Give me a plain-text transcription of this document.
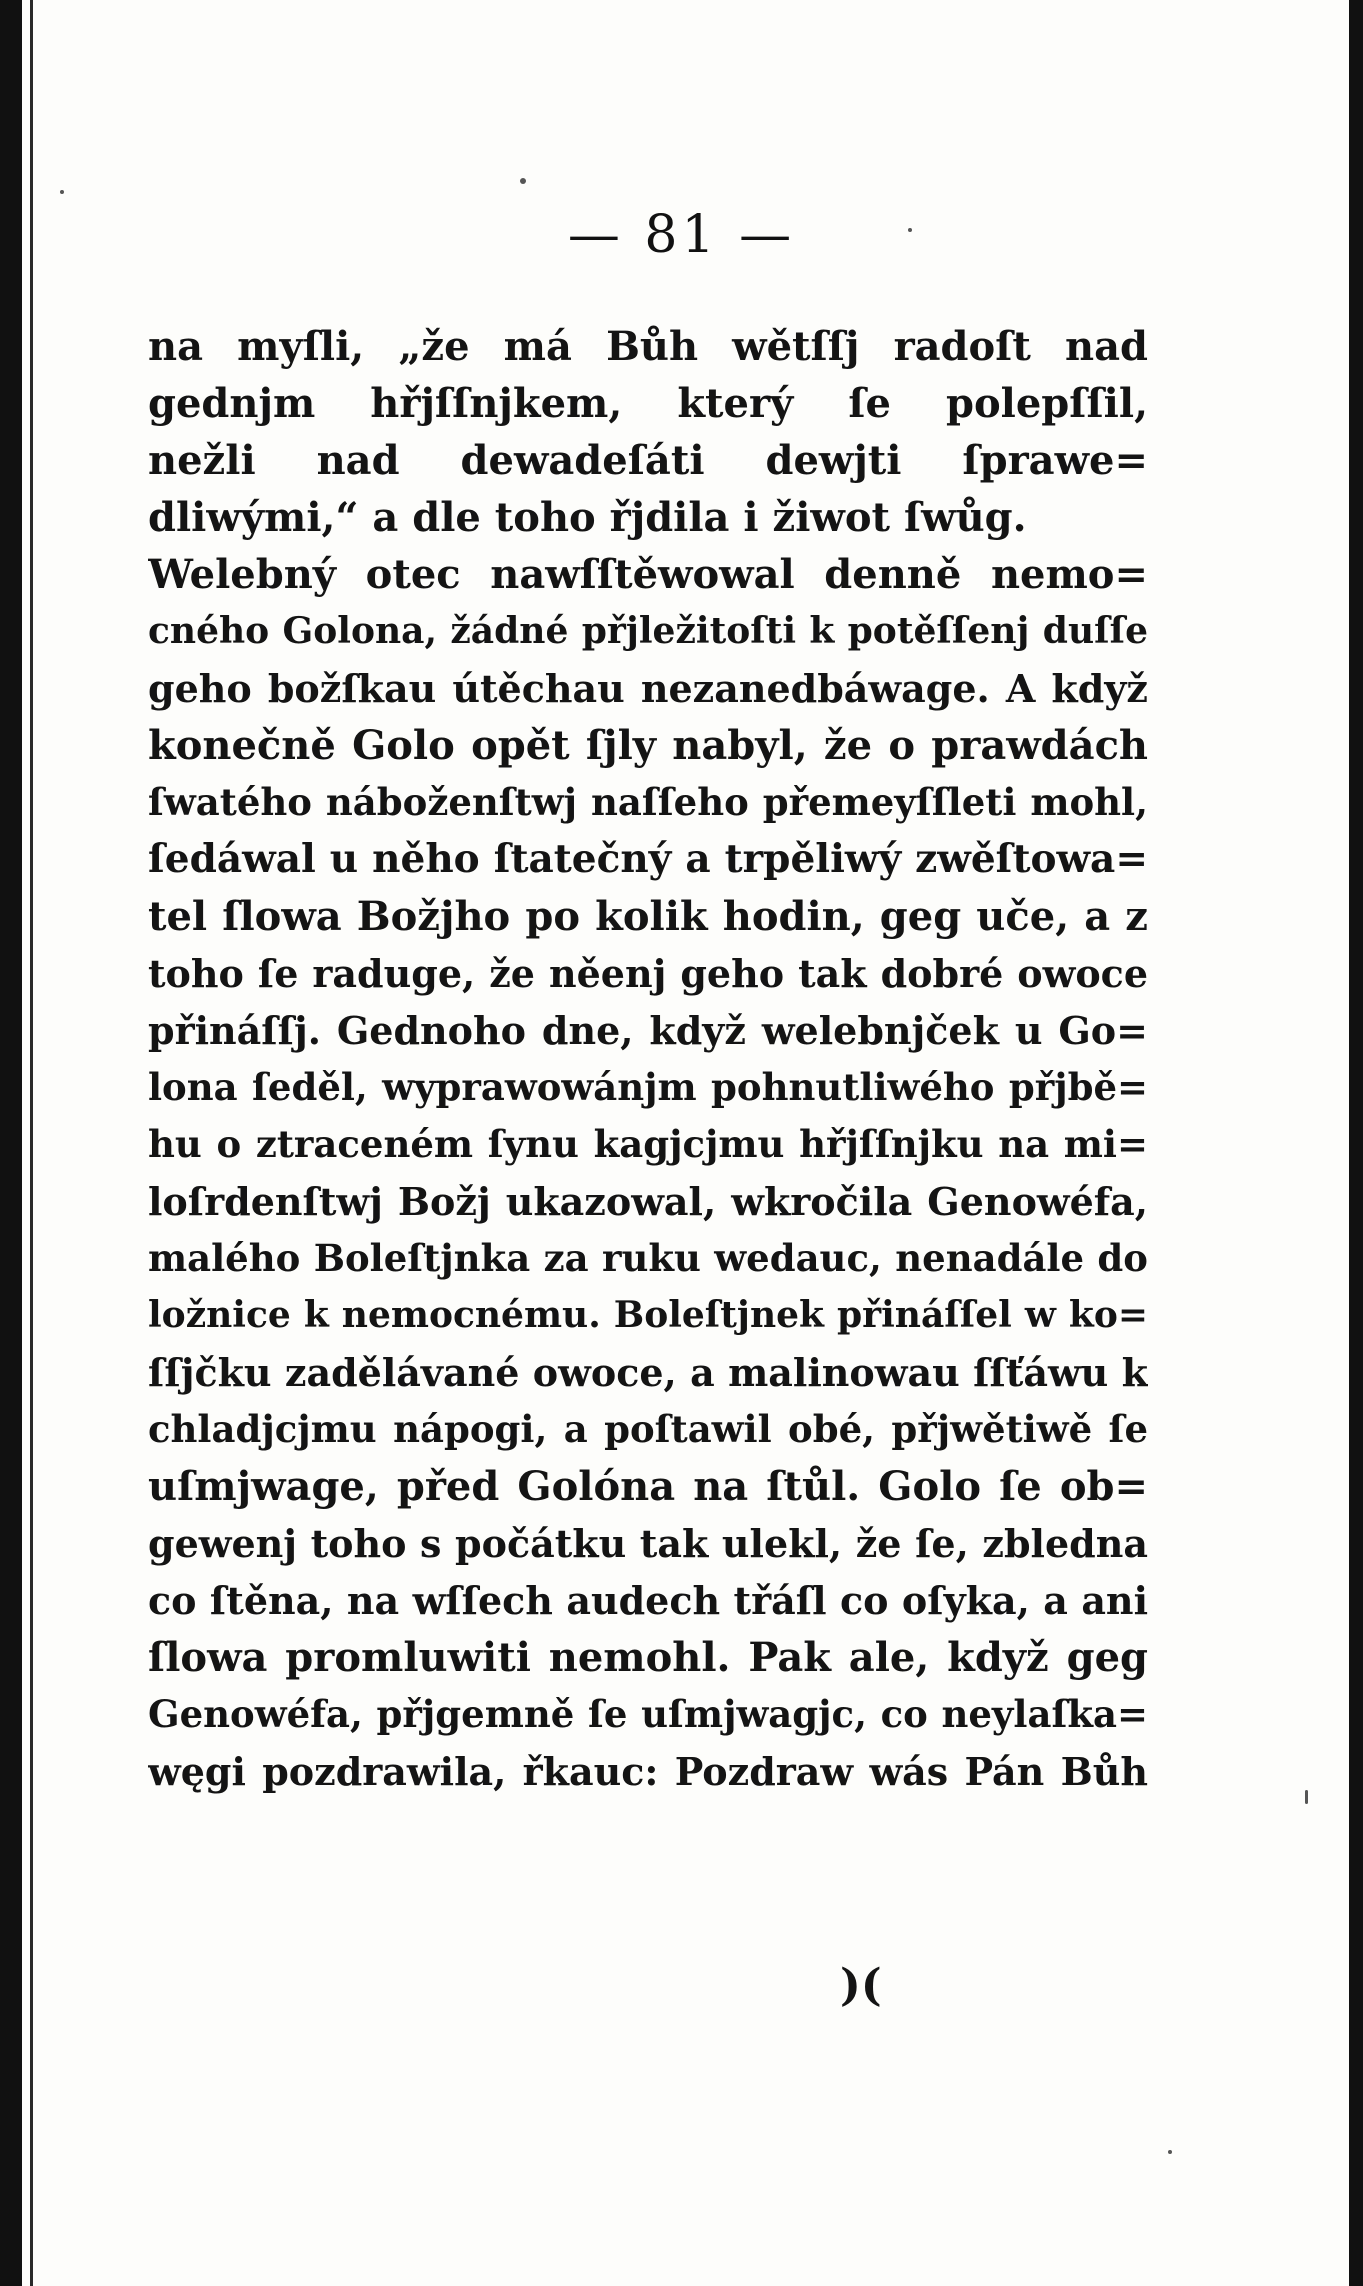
— 81 —
na myſli, „že má Bůh wětſſj radoſt nad
gednjm hřjſſnjkem, který ſe polepſſil,
nežli nad dewadeſáti dewjti ſprawe=
dliwými,“ a dle toho řjdila i žiwot ſwůg.
Welebný otec nawſſtěwowal denně nemo=
cného Golona, žádné přjležitoſti k potěſſenj duſſe
geho božſkau útěchau nezanedbáwage. A když
konečně Golo opět ſjly nabyl, že o prawdách
ſwatého náboženſtwj naſſeho přemeyſſleti mohl,
ſedáwal u něho ſtatečný a trpěliwý zwěſtowa=
tel ſlowa Božjho po kolik hodin, geg uče, a z
toho ſe raduge, že něenj geho tak dobré owoce
přináſſj. Gednoho dne, když welebnjček u Go=
lona ſeděl, wyprawowánjm pohnutliwého přjbě=
hu o ztraceném ſynu kagjcjmu hřjſſnjku na mi=
loſrdenſtwj Božj ukazowal, wkročila Genowéfa,
malého Boleſtjnka za ruku wedauc, nenadále do
ložnice k nemocnému. Boleſtjnek přináſſel w ko=
ſſjčku zadělávané owoce, a malinowau ſſťáwu k
chladjcjmu nápogi, a poſtawil obé, přjwětiwě ſe
uſmjwage, před Golóna na ſtůl. Golo ſe ob=
gewenj toho s počátku tak ulekl, že ſe, zbledna
co ſtěna, na wſſech audech třáſl co oſyka, a ani
ſlowa promluwiti nemohl. Pak ale, když geg
Genowéfa, přjgemně ſe uſmjwagjc, co neylaſka=
węgi pozdrawila, řkauc: Pozdraw wás Pán Bůh
)(
